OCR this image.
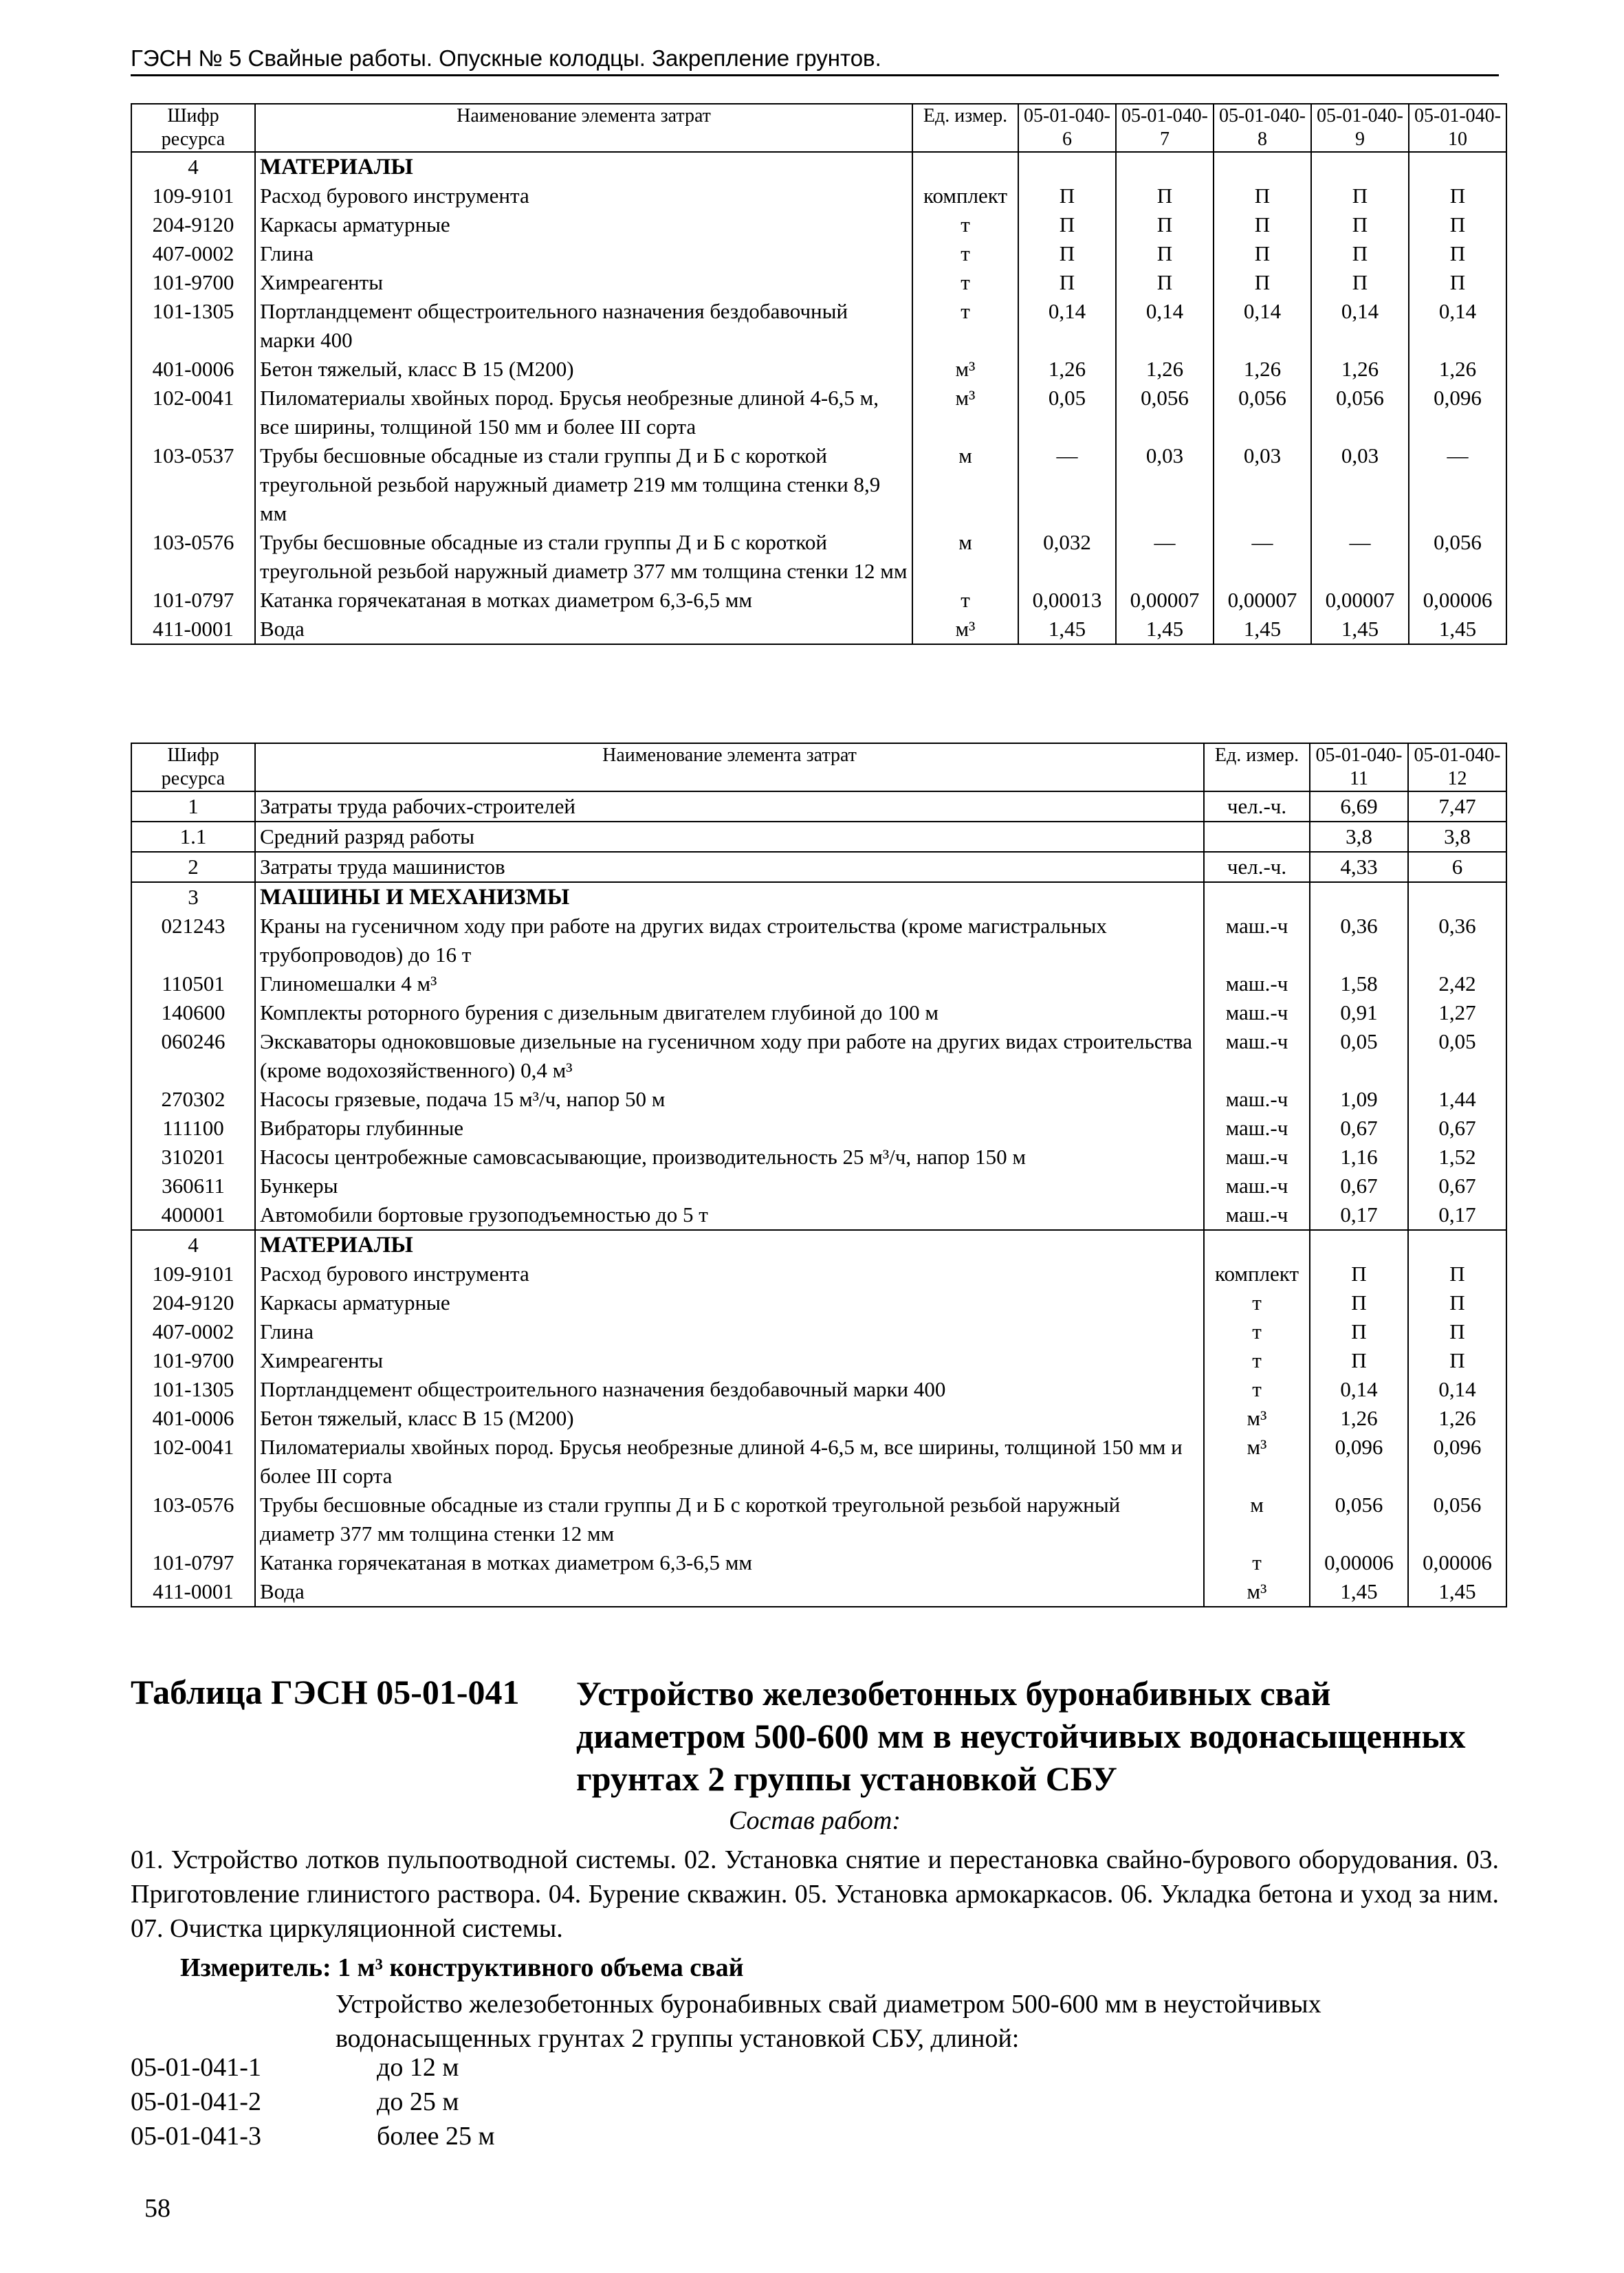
ГЭСН № 5 Свайные работы. Опускные колодцы. Закрепление грунтов.
Шифр ресурса	Наименование элемента затрат	Ед. измер.	05-01-040-6	05-01-040-7	05-01-040-8	05-01-040-9	05-01-040-10
4	МАТЕРИАЛЫ						
109-9101	Расход бурового инструмента	комплект	П	П	П	П	П
204-9120	Каркасы арматурные	т	П	П	П	П	П
407-0002	Глина	т	П	П	П	П	П
101-9700	Химреагенты	т	П	П	П	П	П
101-1305	Портландцемент общестроительного назначения бездобавочный марки 400	т	0,14	0,14	0,14	0,14	0,14
401-0006	Бетон тяжелый, класс В 15 (М200)	м³	1,26	1,26	1,26	1,26	1,26
102-0041	Пиломатериалы хвойных пород. Брусья необрезные длиной 4-6,5 м, все ширины, толщиной 150 мм и более III сорта	м³	0,05	0,056	0,056	0,056	0,096
103-0537	Трубы бесшовные обсадные из стали группы Д и Б с короткой треугольной резьбой наружный диаметр 219 мм толщина стенки 8,9 мм	м	—	0,03	0,03	0,03	—
103-0576	Трубы бесшовные обсадные из стали группы Д и Б с короткой треугольной резьбой наружный диаметр 377 мм толщина стенки 12 мм	м	0,032	—	—	—	0,056
101-0797	Катанка горячекатаная в мотках диаметром 6,3-6,5 мм	т	0,00013	0,00007	0,00007	0,00007	0,00006
411-0001	Вода	м³	1,45	1,45	1,45	1,45	1,45
Шифр ресурса	Наименование элемента затрат	Ед. измер.	05-01-040-11	05-01-040-12
1	Затраты труда рабочих-строителей	чел.-ч.	6,69	7,47
1.1	Средний разряд работы		3,8	3,8
2	Затраты труда машинистов	чел.-ч.	4,33	6
3	МАШИНЫ И МЕХАНИЗМЫ			
021243	Краны на гусеничном ходу при работе на других видах строительства (кроме магистральных трубопроводов) до 16 т	маш.-ч	0,36	0,36
110501	Глиномешалки 4 м³	маш.-ч	1,58	2,42
140600	Комплекты роторного бурения с дизельным двигателем глубиной до 100 м	маш.-ч	0,91	1,27
060246	Экскаваторы одноковшовые дизельные на гусеничном ходу при работе на других видах строительства (кроме водохозяйственного) 0,4 м³	маш.-ч	0,05	0,05
270302	Насосы грязевые, подача 15 м³/ч, напор 50 м	маш.-ч	1,09	1,44
111100	Вибраторы глубинные	маш.-ч	0,67	0,67
310201	Насосы центробежные самовсасывающие, производительность 25 м³/ч, напор 150 м	маш.-ч	1,16	1,52
360611	Бункеры	маш.-ч	0,67	0,67
400001	Автомобили бортовые грузоподъемностью до 5 т	маш.-ч	0,17	0,17
4	МАТЕРИАЛЫ			
109-9101	Расход бурового инструмента	комплект	П	П
204-9120	Каркасы арматурные	т	П	П
407-0002	Глина	т	П	П
101-9700	Химреагенты	т	П	П
101-1305	Портландцемент общестроительного назначения бездобавочный марки 400	т	0,14	0,14
401-0006	Бетон тяжелый, класс В 15 (М200)	м³	1,26	1,26
102-0041	Пиломатериалы хвойных пород. Брусья необрезные длиной 4-6,5 м, все ширины, толщиной 150 мм и более III сорта	м³	0,096	0,096
103-0576	Трубы бесшовные обсадные из стали группы Д и Б с короткой треугольной резьбой наружный диаметр 377 мм толщина стенки 12 мм	м	0,056	0,056
101-0797	Катанка горячекатаная в мотках диаметром 6,3-6,5 мм	т	0,00006	0,00006
411-0001	Вода	м³	1,45	1,45
Таблица ГЭСН 05-01-041 Устройство железобетонных буронабивных свай диаметром 500-600 мм в неустойчивых водонасыщенных грунтах 2 группы установкой СБУ
Состав работ:
01. Устройство лотков пульпоотводной системы. 02. Установка снятие и перестановка свайно-бурового оборудования. 03. Приготовление глинистого раствора. 04. Бурение скважин. 05. Установка армокаркасов. 06. Укладка бетона и уход за ним. 07. Очистка циркуляционной системы.
Измеритель: 1 м³ конструктивного объема свай
Устройство железобетонных буронабивных свай диаметром 500-600 мм в неустойчивых водонасыщенных грунтах 2 группы установкой СБУ, длиной:
05-01-041-1	до 12 м
05-01-041-2	до 25 м
05-01-041-3	более 25 м
58
